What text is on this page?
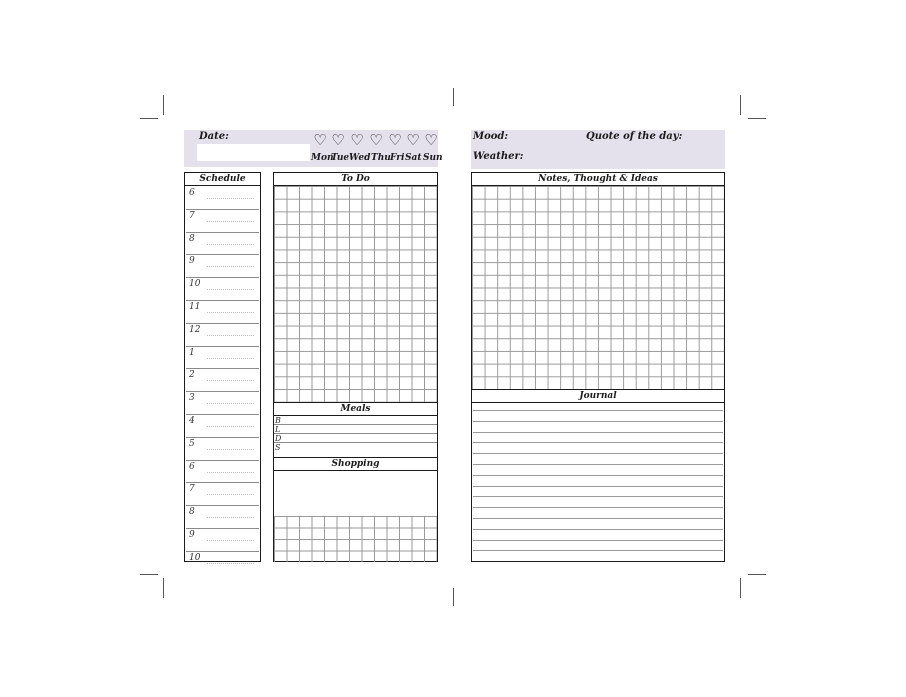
Date:	♡ ♡ ♡ ♡ ♡ ♡ ♡
Mon
Tue Wed Thu Fri Sat Sun
Mood:	Quote of the day:
Weather:
Schedule
6
7
8
9
10
11
12
1
2
3
4
5
6
7
8
9
10
To Do
Meals
B
L
D
S
Shopping
Notes, Thought & Ideas
Journal
